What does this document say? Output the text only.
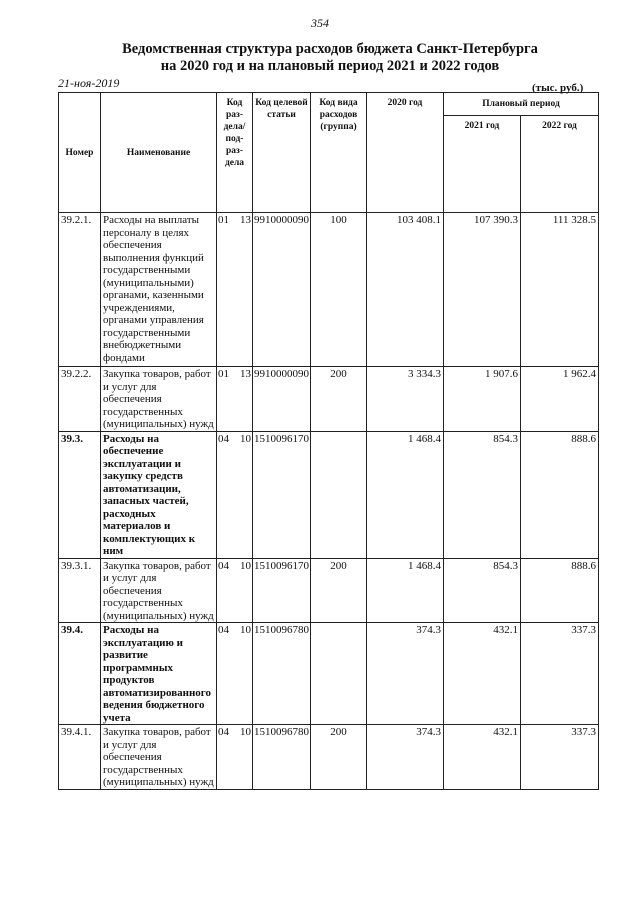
354
Ведомственная структура расходов бюджета Санкт-Петербурга
на 2020 год и на плановый период 2021 и 2022 годов
21-ноя-2019	(тыс. руб.)
Номер	Наименование	Код раз- дела/ под- раз- дела	Код целевой статьи	Код вида расходов (группа)	2020 год	Плановый период	
						2021 год	2022 год
39.2.1.	Расходы на выплаты персоналу в целях обеспечения выполнения функций государственными (муниципальными) органами, казенными учреждениями, органами управления государственными внебюджетными фондами	01 13	9910000090	100	103 408.1	107 390.3	111 328.5
39.2.2.	Закупка товаров, работ и услуг для обеспечения государственных (муниципальных) нужд	01 13	9910000090	200	3 334.3	1 907.6	1 962.4
39.3.	Расходы на обеспечение эксплуатации и закупку средств автоматизации, запасных частей, расходных материалов и комплектующих к ним	04 10	1510096170		1 468.4	854.3	888.6
39.3.1.	Закупка товаров, работ и услуг для обеспечения государственных (муниципальных) нужд	04 10	1510096170	200	1 468.4	854.3	888.6
39.4.	Расходы на эксплуатацию и развитие программных продуктов автоматизированного ведения бюджетного учета	04 10	1510096780		374.3	432.1	337.3
39.4.1.	Закупка товаров, работ и услуг для обеспечения государственных (муниципальных) нужд	04 10	1510096780	200	374.3	432.1	337.3
